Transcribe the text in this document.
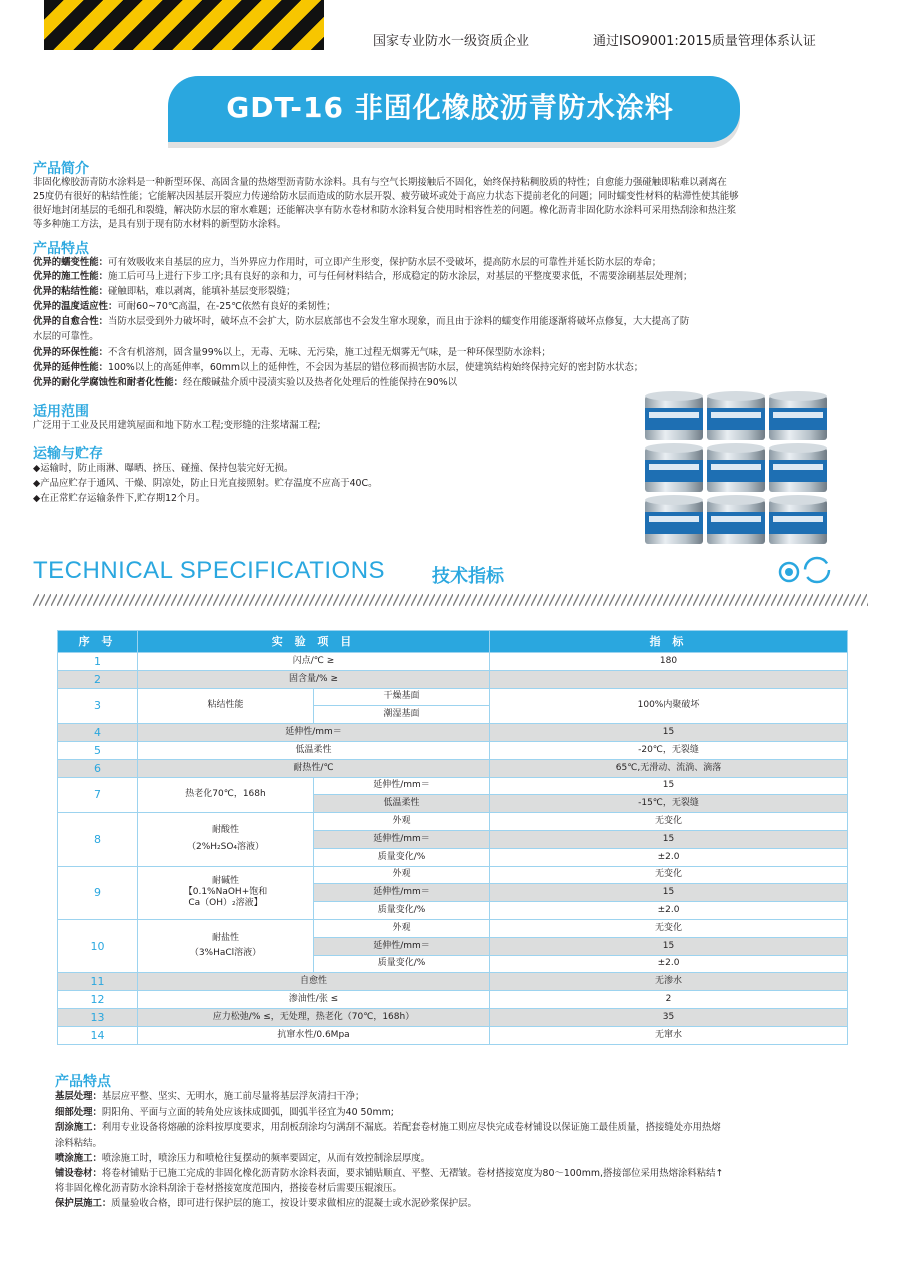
国家专业防水一级资质企业	通过ISO9001:2015质量管理体系认证
GDT-16 非固化橡胶沥青防水涂料
产品简介
非固化橡胶沥青防水涂料是一种新型环保、高固含量的热熔型沥青防水涂料。具有与空气长期接触后不固化，始终保持粘稠胶质的特性；自愈能力强碰触即粘难以剥离在
25度仍有很好的粘结性能；它能解决因基层开裂应力传递给防水层而造成的防水层开裂、疲劳破坏或处于高应力状态下提前老化的问题；同时蠕变性材料的粘滞性使其能够
很好地封闭基层的毛细孔和裂缝，解决防水层的窜水难题；还能解决享有防水卷材和防水涂料复合使用时相容性差的问题。橡化沥青非固化防水涂料可采用热刮涂和热注浆
等多种施工方法，是具有别于现有防水材料的新型防水涂料。
产品特点
优异的蠕变性能：可有效吸收来自基层的应力，当外界应力作用时，可立即产生形变，保护防水层不受破坏，提高防水层的可靠性并延长防水层的寿命；
优异的施工性能：施工后可马上进行下步工序;具有良好的亲和力，可与任何材料结合，形成稳定的防水涂层，对基层的平整度要求低，不需要涂刷基层处理剂；
优异的粘结性能：碰触即粘，难以剥离，能填补基层变形裂缝；
优异的温度适应性：可耐60~70℃高温，在-25℃依然有良好的柔韧性；
优异的自愈合性：当防水层受到外力破坏时，破坏点不会扩大，防水层底部也不会发生窜水现象，而且由于涂料的蠕变作用能逐渐将破坏点修复，大大提高了防
水层的可靠性。
优异的环保性能：不含有机溶剂，固含量99%以上，无毒、无味、无污染，施工过程无烟雾无气味，是一种环保型防水涂料；
优异的延伸性能：100%以上的高延伸率，60mm以上的延伸性，不会因为基层的错位移而损害防水层，使建筑结构始终保持完好的密封防水状态；
优异的耐化学腐蚀性和耐者化性能：经在酸碱盐介质中浸渍实验以及热者化处理后的性能保持在90%以
适用范围
广泛用于工业及民用建筑屋面和地下防水工程;变形缝的注浆堵漏工程;
运输与贮存
◆运输时，防止雨淋、曝晒、挤压、碰撞、保持包装完好无损。
◆产品应贮存于通风、干燥、阴凉处，防止日光直接照射。贮存温度不应高于40C。
◆在正常贮存运输条件下,贮存期12个月。
TECHNICAL SPECIFICATIONS	技术指标
序 号	实 验 项 目		指 标
1	闪点/℃ ≥		180
2	固含量/% ≥		
3	粘结性能	干燥基面	100%内聚破坏
		潮湿基面	
4	延伸性/mm＝		15
5	低温柔性		-20℃，无裂缝
6	耐热性/℃		65℃,无滑动、流淌、滴落
7	热老化70℃，168h	延伸性/mm＝	15
		低温柔性	-15℃，无裂缝
8	耐酸性
（2%H₂SO₄溶液）	外观	无变化
		延伸性/mm＝	15
		质量变化/%	±2.0
9	耐碱性
【0.1%NaOH+饱和
Ca（OH）₂溶液】	外观	无变化
		延伸性/mm＝	15
		质量变化/%	±2.0
10	耐盐性
（3%HaCl溶液）	外观	无变化
		延伸性/mm＝	15
		质量变化/%	±2.0
11	自愈性		无渗水
12	渗油性/张 ≤		2
13	应力松弛/% ≤，无处理，热老化（70℃，168h）		35
14	抗窜水性/0.6Mpa		无窜水
产品特点
基层处理：基层应平整、坚实、无明水，施工前尽量将基层浮灰清扫干净；
细部处理：阴阳角、平面与立面的转角处应该抹成圆弧，圆弧半径宜为40 50mm;
刮涂施工：利用专业设备将熔融的涂料按厚度要求，用刮板刮涂均匀满刮不漏底。若配套卷材施工则应尽快完成卷材铺设以保证施工最佳质量，搭接缝处亦用热熔
涂料粘结。
喷涂施工：喷涂施工时，喷涂压力和喷枪往复摆动的频率要固定，从而有效控制涂层厚度。
铺设卷材：将卷材铺贴于已施工完成的非固化橡化沥青防水涂料表面，要求铺贴顺直、平整、无褶皱。卷材搭接宽度为80～100mm,搭接部位采用热熔涂料粘结↑
将非固化橡化沥青防水涂料刮涂于卷材搭接宽度范围内，搭接卷材后需要压辊滚压。
保护层施工：质量验收合格，即可进行保护层的施工，按设计要求做相应的混凝士或水泥砂浆保护层。
